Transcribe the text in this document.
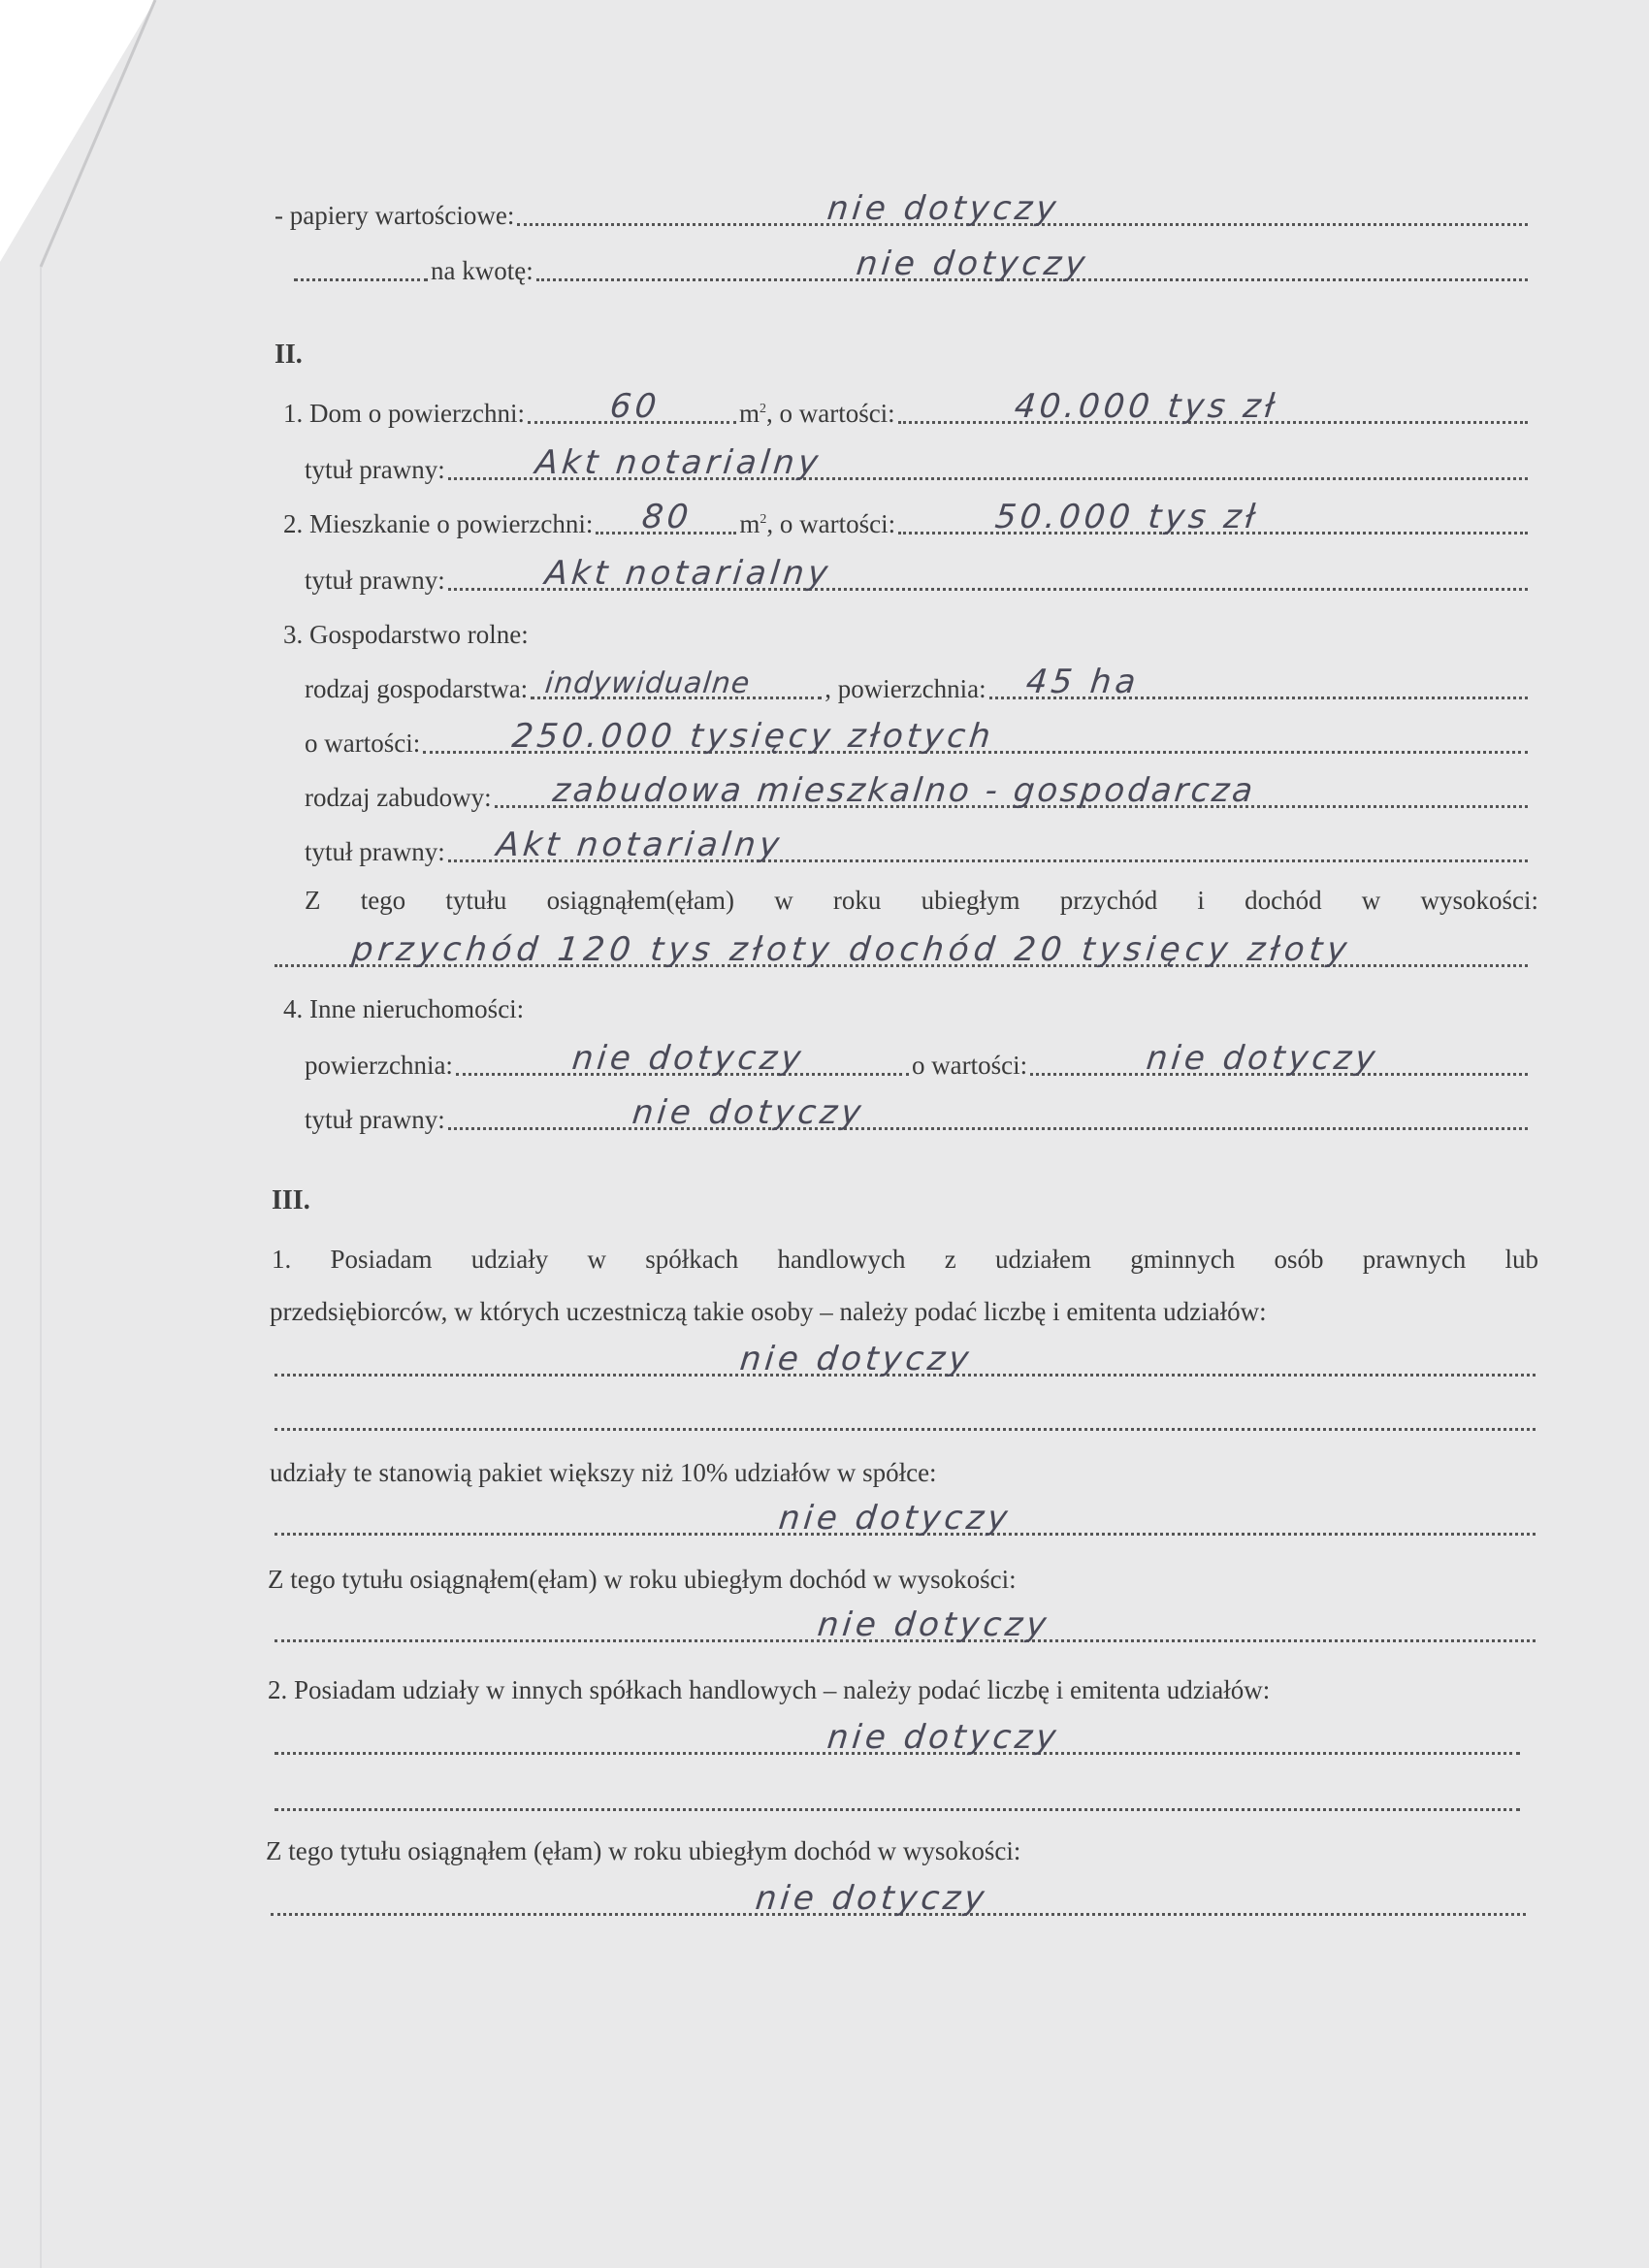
- papiery wartościowe:	nie dotyczy
na kwotę:	nie dotyczy
II.
1. Dom o powierzchni:	60	$m^2$ , o wartości:	40.000 tys zł
tytuł prawny:	Akt notarialny
2. Mieszkanie o powierzchni: 80 $m^2$ , o wartości:	50.000 tys zł
tytuł prawny:	Akt notarialny
3. Gospodarstwo rolne:
rodzaj gospodarstwa: indywidualne	, powierzchnia: 45 ha
o wartości:	250.000 tysięcy złotych
rodzaj zabudowy: zabudowa mieszkalno - gospodarcza
tytuł prawny: Akt notarialny
Z tego tytułu osiągnąłem(ęłam) w roku ubiegłym przychód i dochód w wysokości:
przychód 120 tys złoty dochód 20 tysięcy złoty
4. Inne nieruchomości:
powierzchnia:	nie dotyczy	o wartości:	nie dotyczy
tytuł prawny:	nie dotyczy
III.
1. Posiadam udziały w spółkach handlowych z udziałem gminnych osób prawnych lub
przedsiębiorców, w których uczestniczą takie osoby – należy podać liczbę i emitenta udziałów:
nie dotyczy
udziały te stanowią pakiet większy niż 10% udziałów w spółce:
nie dotyczy
Z tego tytułu osiągnąłem(ęłam) w roku ubiegłym dochód w wysokości:
nie dotyczy
2. Posiadam udziały w innych spółkach handlowych – należy podać liczbę i emitenta udziałów:
nie dotyczy
Z tego tytułu osiągnąłem (ęłam) w roku ubiegłym dochód w wysokości:
nie dotyczy
